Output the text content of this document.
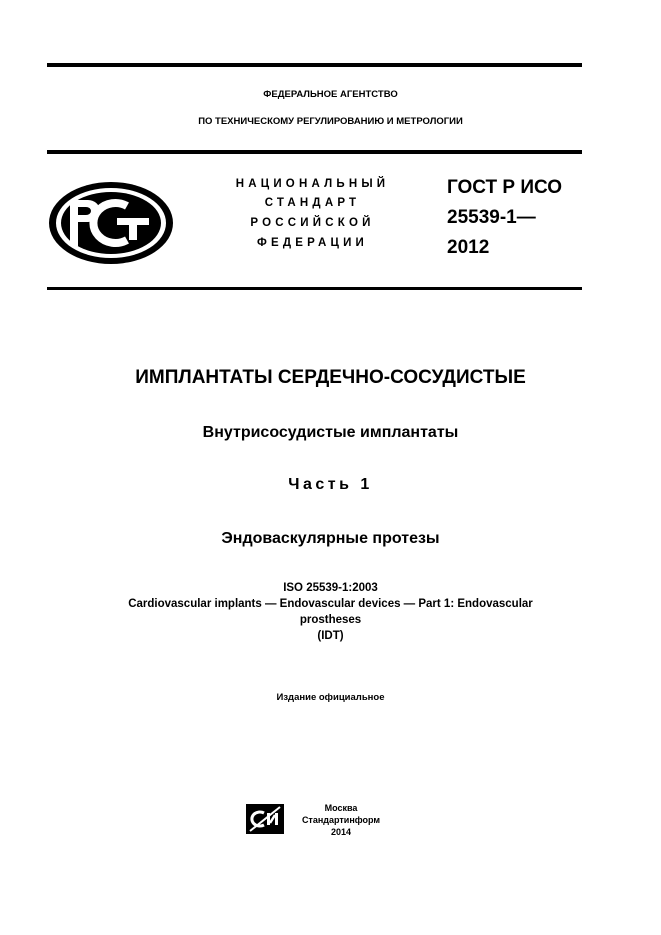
ФЕДЕРАЛЬНОЕ АГЕНТСТВО
ПО ТЕХНИЧЕСКОМУ РЕГУЛИРОВАНИЮ И МЕТРОЛОГИИ
НАЦИОНАЛЬНЫЙ
СТАНДАРТ
РОССИЙСКОЙ
ФЕДЕРАЦИИ
ГОСТ Р ИСО
25539-1—
2012
ИМПЛАНТАТЫ СЕРДЕЧНО-СОСУДИСТЫЕ
Внутрисосудистые имплантаты
Часть 1
Эндоваскулярные протезы
ISO 25539-1:2003
Cardiovascular implants — Endovascular devices — Part 1: Endovascular
prostheses
(IDT)
Издание официальное
Москва
Стандартинформ
2014
